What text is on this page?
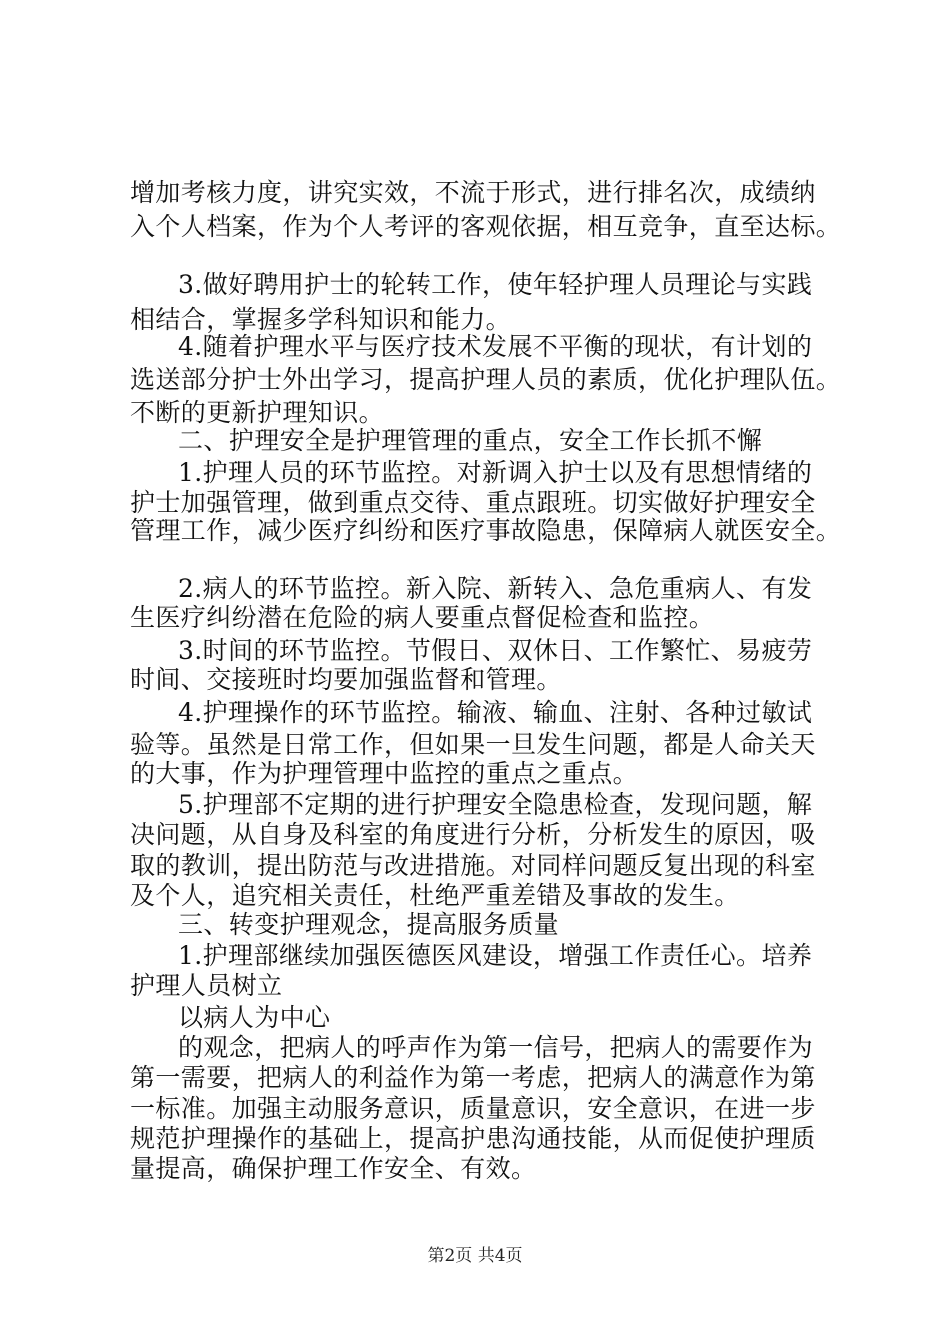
增加考核力度，讲究实效，不流于形式，进行排名次，成绩纳
入个人档案，作为个人考评的客观依据，相互竞争，直至达标。
3.做好聘用护士的轮转工作，使年轻护理人员理论与实践
相结合，掌握多学科知识和能力。
4.随着护理水平与医疗技术发展不平衡的现状，有计划的
选送部分护士外出学习，提高护理人员的素质，优化护理队伍。
不断的更新护理知识。
二、护理安全是护理管理的重点，安全工作长抓不懈
1.护理人员的环节监控。对新调入护士以及有思想情绪的
护士加强管理，做到重点交待、重点跟班。切实做好护理安全
管理工作，减少医疗纠纷和医疗事故隐患，保障病人就医安全。
2.病人的环节监控。新入院、新转入、急危重病人、有发
生医疗纠纷潜在危险的病人要重点督促检查和监控。
3.时间的环节监控。节假日、双休日、工作繁忙、易疲劳
时间、交接班时均要加强监督和管理。
4.护理操作的环节监控。输液、输血、注射、各种过敏试
验等。虽然是日常工作，但如果一旦发生问题，都是人命关天
的大事，作为护理管理中监控的重点之重点。
5.护理部不定期的进行护理安全隐患检查，发现问题，解
决问题，从自身及科室的角度进行分析，分析发生的原因，吸
取的教训，提出防范与改进措施。对同样问题反复出现的科室
及个人，追究相关责任，杜绝严重差错及事故的发生。
三、转变护理观念，提高服务质量
1.护理部继续加强医德医风建设，增强工作责任心。培养
护理人员树立
以病人为中心
的观念，把病人的呼声作为第一信号，把病人的需要作为
第一需要，把病人的利益作为第一考虑，把病人的满意作为第
一标准。加强主动服务意识，质量意识，安全意识，在进一步
规范护理操作的基础上，提高护患沟通技能，从而促使护理质
量提高，确保护理工作安全、有效。
第2页 共4页
